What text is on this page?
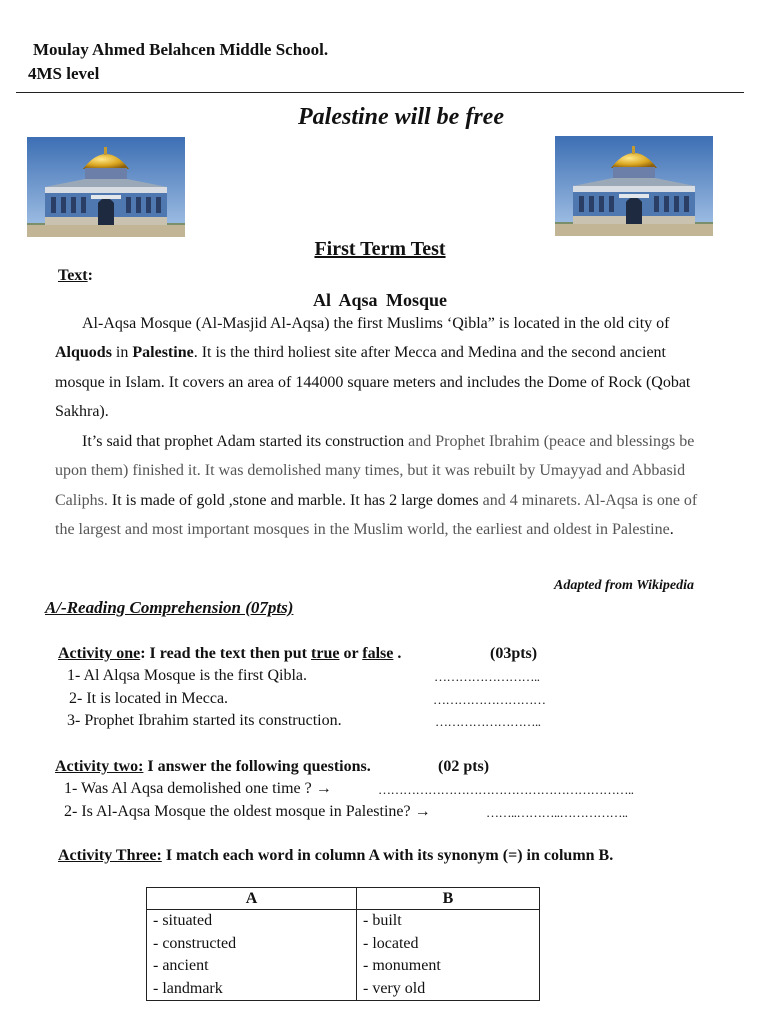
Moulay Ahmed Belahcen Middle School.
4MS level
Palestine will be free
First Term Test
Text:
Al Aqsa Mosque

Al-Aqsa Mosque (Al-Masjid Al-Aqsa) the first Muslims ‘Qibla” is located in the old city of Alquods in Palestine. It is the third holiest site after Mecca and Medina and the second ancient mosque in Islam. It covers an area of 144000 square meters and includes the Dome of Rock (Qobat Sakhra).

It’s said that prophet Adam started its construction and Prophet Ibrahim (peace and blessings be upon them) finished it. It was demolished many times, but it was rebuilt by Umayyad and Abbasid Caliphs. It is made of gold ,stone and marble. It has 2 large domes and 4 minarets. Al-Aqsa is one of the largest and most important mosques in the Muslim world, the earliest and oldest in Palestine.

Adapted from Wikipedia
A/-Reading Comprehension (07pts)
Activity one: I read the text then put true or false .	(03pts)
1- Al Alqsa Mosque is the first Qibla.	……………………..
2- It is located in Mecca.	………………………
3- Prophet Ibrahim started its construction.	……………………..
Activity two: I answer the following questions.	(02 pts)
1- Was Al Aqsa demolished one time ? →	……………………………………………………..
2- Is Al-Aqsa Mosque the oldest mosque in Palestine? →	……..………..……………..
Activity Three: I match each word in column A with its synonym (=) in column B.
A	B
- situated	- built
- constructed	- located
- ancient	- monument
- landmark	- very old
